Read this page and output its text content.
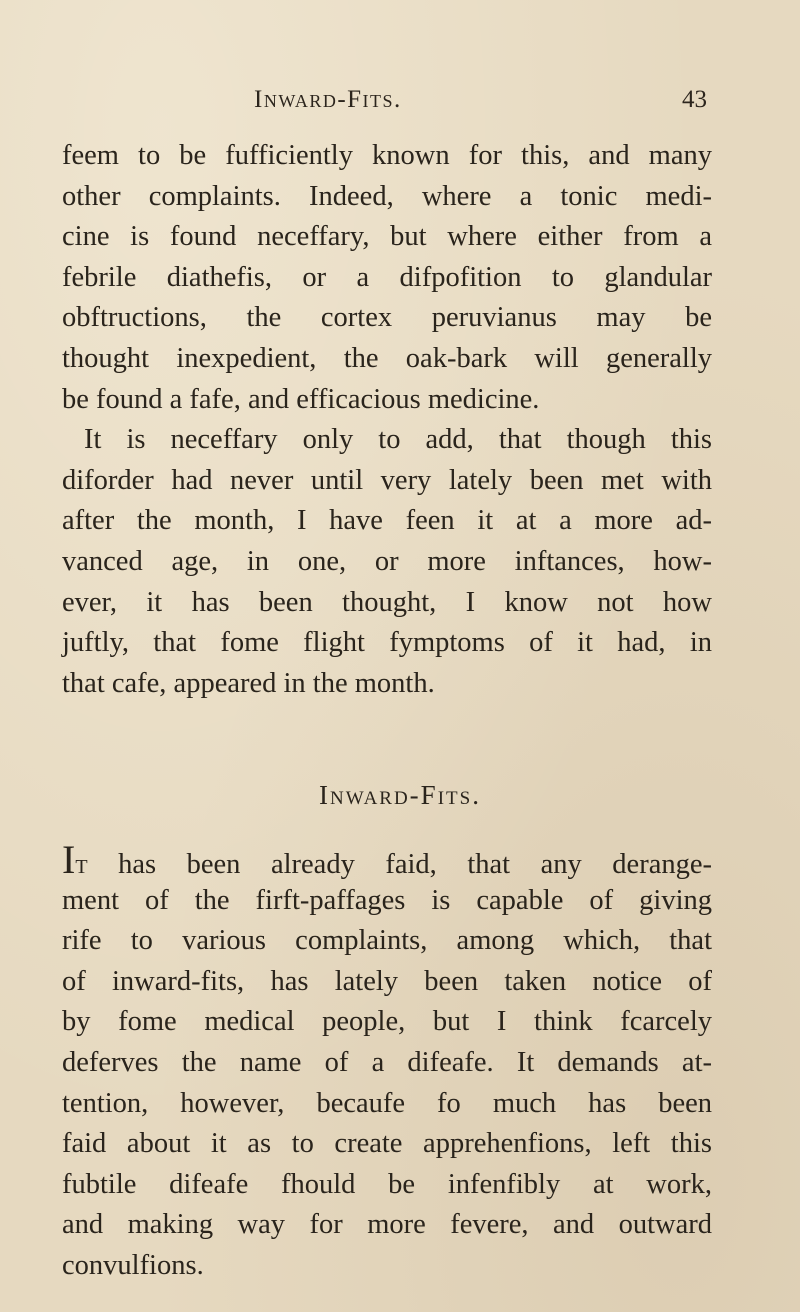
Inward-Fits.	43
feem to be fufficiently known for this, and many
other complaints. Indeed, where a tonic medi-
cine is found neceffary, but where either from a
febrile diathefis, or a difpofition to glandular
obftructions, the cortex peruvianus may be
thought inexpedient, the oak-bark will generally
be found a fafe, and efficacious medicine.
It is neceffary only to add, that though this
diforder had never until very lately been met with
after the month, I have feen it at a more ad-
vanced age, in one, or more inftances, how-
ever, it has been thought, I know not how
juftly, that fome flight fymptoms of it had, in
that cafe, appeared in the month.
Inward-Fits.
It has been already faid, that any derange-
ment of the firft-paffages is capable of giving
rife to various complaints, among which, that
of inward-fits, has lately been taken notice of
by fome medical people, but I think fcarcely
deferves the name of a difeafe. It demands at-
tention, however, becaufe fo much has been
faid about it as to create apprehenfions, left this
fubtile difeafe fhould be infenfibly at work,
and making way for more fevere, and outward
convulfions.
